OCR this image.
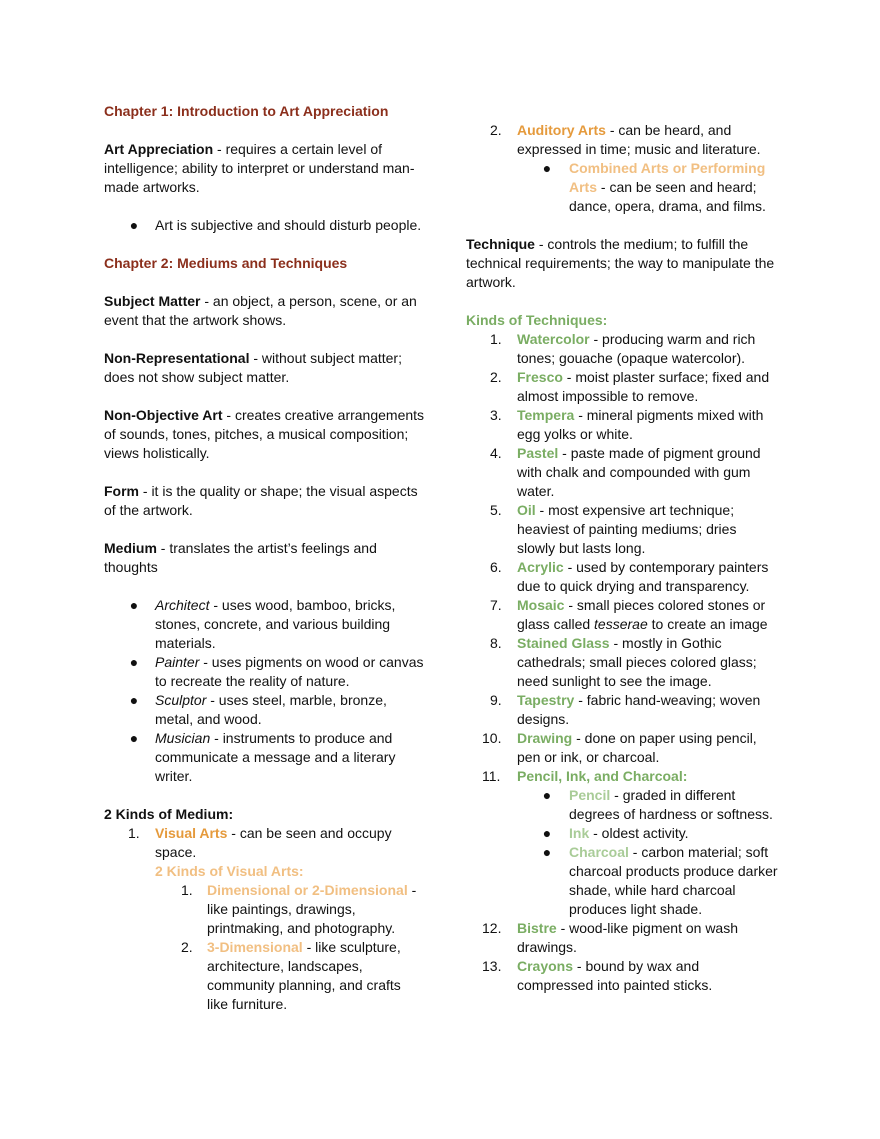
Chapter 1: Introduction to Art Appreciation

Art Appreciation - requires a certain level of intelligence; ability to interpret or understand man-made artworks.

●	Art is subjective and should disturb people.

Chapter 2: Mediums and Techniques

Subject Matter - an object, a person, scene, or an event that the artwork shows.

Non-Representational - without subject matter; does not show subject matter.

Non-Objective Art - creates creative arrangements of sounds, tones, pitches, a musical composition; views holistically.

Form - it is the quality or shape; the visual aspects of the artwork.

Medium - translates the artist’s feelings and thoughts

●	Architect - uses wood, bamboo, bricks, stones, concrete, and various building materials.
●	Painter - uses pigments on wood or canvas to recreate the reality of nature.
●	Sculptor - uses steel, marble, bronze, metal, and wood.
●	Musician - instruments to produce and communicate a message and a literary writer.

2 Kinds of Medium:

1.	Visual Arts - can be seen and occupy space.
2 Kinds of Visual Arts:
1.	Dimensional or 2-Dimensional - like paintings, drawings, printmaking, and photography.
2.	3-Dimensional - like sculpture, architecture, landscapes, community planning, and crafts like furniture.
2.	Auditory Arts - can be heard, and expressed in time; music and literature.
●	Combined Arts or Performing Arts - can be seen and heard; dance, opera, drama, and films.

Technique - controls the medium; to fulfill the technical requirements; the way to manipulate the artwork.

Kinds of Techniques:

1.	Watercolor - producing warm and rich tones; gouache (opaque watercolor).
2.	Fresco - moist plaster surface; fixed and almost impossible to remove.
3.	Tempera - mineral pigments mixed with egg yolks or white.
4.	Pastel - paste made of pigment ground with chalk and compounded with gum water.
5.	Oil - most expensive art technique; heaviest of painting mediums; dries slowly but lasts long.
6.	Acrylic - used by contemporary painters due to quick drying and transparency.
7.	Mosaic - small pieces colored stones or glass called tesserae to create an image
8.	Stained Glass - mostly in Gothic cathedrals; small pieces colored glass; need sunlight to see the image.
9.	Tapestry - fabric hand-weaving; woven designs.
10.	Drawing - done on paper using pencil, pen or ink, or charcoal.
11.	Pencil, Ink, and Charcoal:
●	Pencil - graded in different degrees of hardness or softness.
●	Ink - oldest activity.
●	Charcoal - carbon material; soft charcoal products produce darker shade, while hard charcoal produces light shade.
12.	Bistre - wood-like pigment on wash drawings.
13.	Crayons - bound by wax and compressed into painted sticks.
